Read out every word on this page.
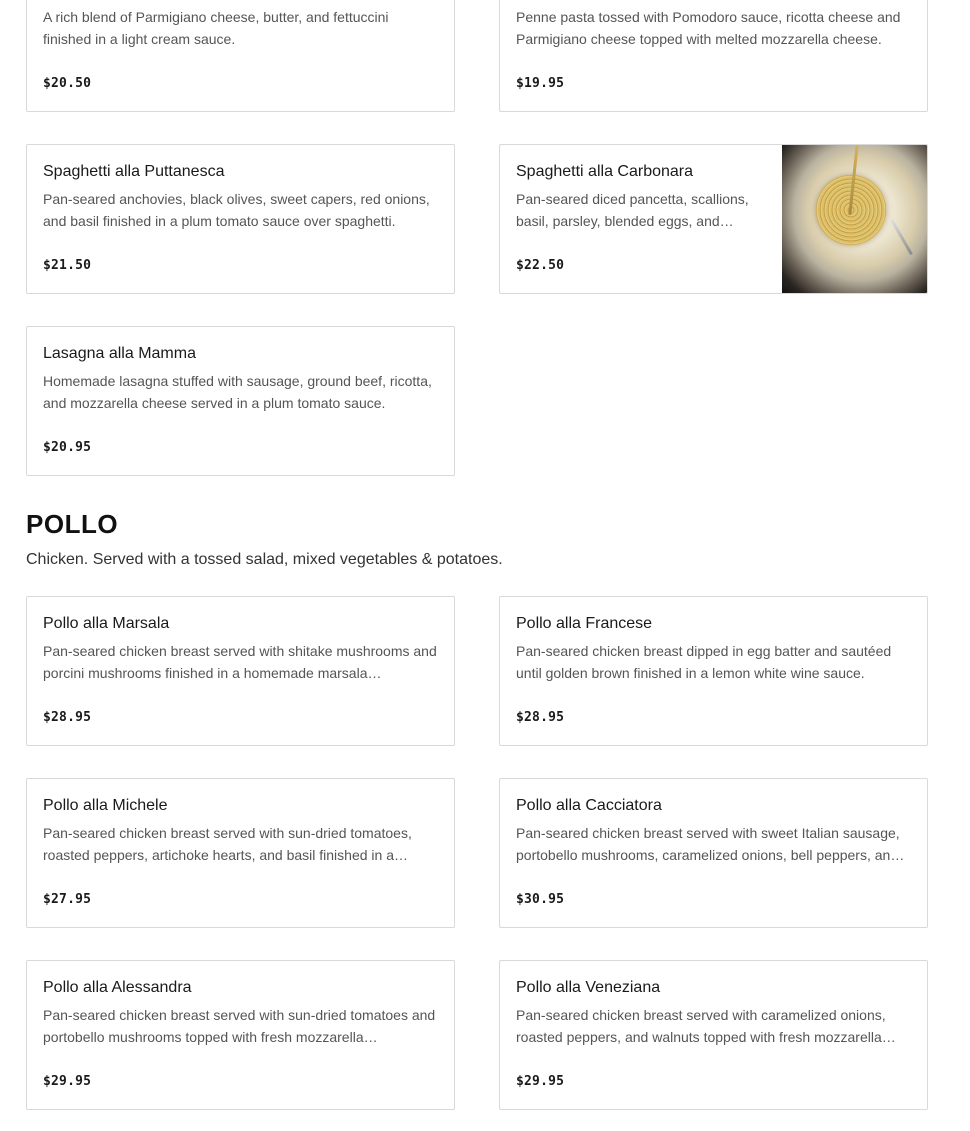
A rich blend of Parmigiano cheese, butter, and fettuccini finished in a light cream sauce.
$20.50
Penne pasta tossed with Pomodoro sauce, ricotta cheese and Parmigiano cheese topped with melted mozzarella cheese.
$19.95
Spaghetti alla Puttanesca
Pan-seared anchovies, black olives, sweet capers, red onions, and basil finished in a plum tomato sauce over spaghetti.
$21.50
Spaghetti alla Carbonara
Pan-seared diced pancetta, scallions, basil, parsley, blended eggs, and…
$22.50
Lasagna alla Mamma
Homemade lasagna stuffed with sausage, ground beef, ricotta, and mozzarella cheese served in a plum tomato sauce.
$20.95
POLLO

Chicken. Served with a tossed salad, mixed vegetables & potatoes.

Pollo alla Marsala
Pan-seared chicken breast served with shitake mushrooms and porcini mushrooms finished in a homemade marsala…
$28.95
Pollo alla Francese
Pan-seared chicken breast dipped in egg batter and sautéed until golden brown finished in a lemon white wine sauce.
$28.95
Pollo alla Michele
Pan-seared chicken breast served with sun-dried tomatoes, roasted peppers, artichoke hearts, and basil finished in a…
$27.95
Pollo alla Cacciatora
Pan-seared chicken breast served with sweet Italian sausage, portobello mushrooms, caramelized onions, bell peppers, an…
$30.95
Pollo alla Alessandra
Pan-seared chicken breast served with sun-dried tomatoes and portobello mushrooms topped with fresh mozzarella…
$29.95
Pollo alla Veneziana
Pan-seared chicken breast served with caramelized onions, roasted peppers, and walnuts topped with fresh mozzarella…
$29.95
